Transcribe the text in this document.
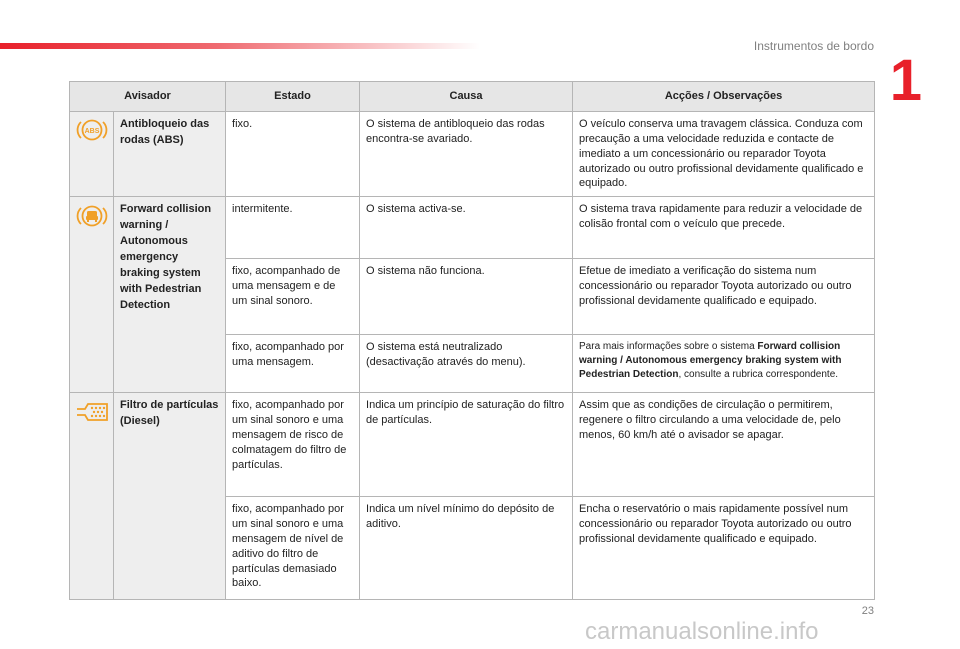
Instrumentos de bordo
1
Avisador		Estado	Causa	Acções / Observações

ABS	Antibloqueio das rodas (ABS)	fixo.	O sistema de antibloqueio das rodas encontra-se avariado.	O veículo conserva uma travagem clássica. Conduza com precaução a uma velocidade reduzida e contacte de imediato a um concessionário ou reparador Toyota autorizado ou outro profissional devidamente qualificado e equipado.

	Forward collision warning / Autonomous emergency braking system with Pedestrian Detection	intermitente.	O sistema activa-se.	O sistema trava rapidamente para reduzir a velocidade de colisão frontal com o veículo que precede.
		fixo, acompanhado de uma mensagem e de um sinal sonoro.	O sistema não funciona.	Efetue de imediato a verificação do sistema num concessionário ou reparador Toyota autorizado ou outro profissional devidamente qualificado e equipado.
		fixo, acompanhado por uma mensagem.	O sistema está neutralizado (desactivação através do menu).	Para mais informações sobre o sistema Forward collision warning / Autonomous emergency braking system with Pedestrian Detection, consulte a rubrica correspondente.

	Filtro de partículas (Diesel)	fixo, acompanhado por um sinal sonoro e uma mensagem de risco de colmatagem do filtro de partículas.	Indica um princípio de saturação do filtro de partículas.	Assim que as condições de circulação o permitirem, regenere o filtro circulando a uma velocidade de, pelo menos, 60 km/h até o avisador se apagar.
		fixo, acompanhado por um sinal sonoro e uma mensagem de nível de aditivo do filtro de partículas demasiado baixo.	Indica um nível mínimo do depósito de aditivo.	Encha o reservatório o mais rapidamente possível num concessionário ou reparador Toyota autorizado ou outro profissional devidamente qualificado e equipado.
23
carmanualsonline.info
